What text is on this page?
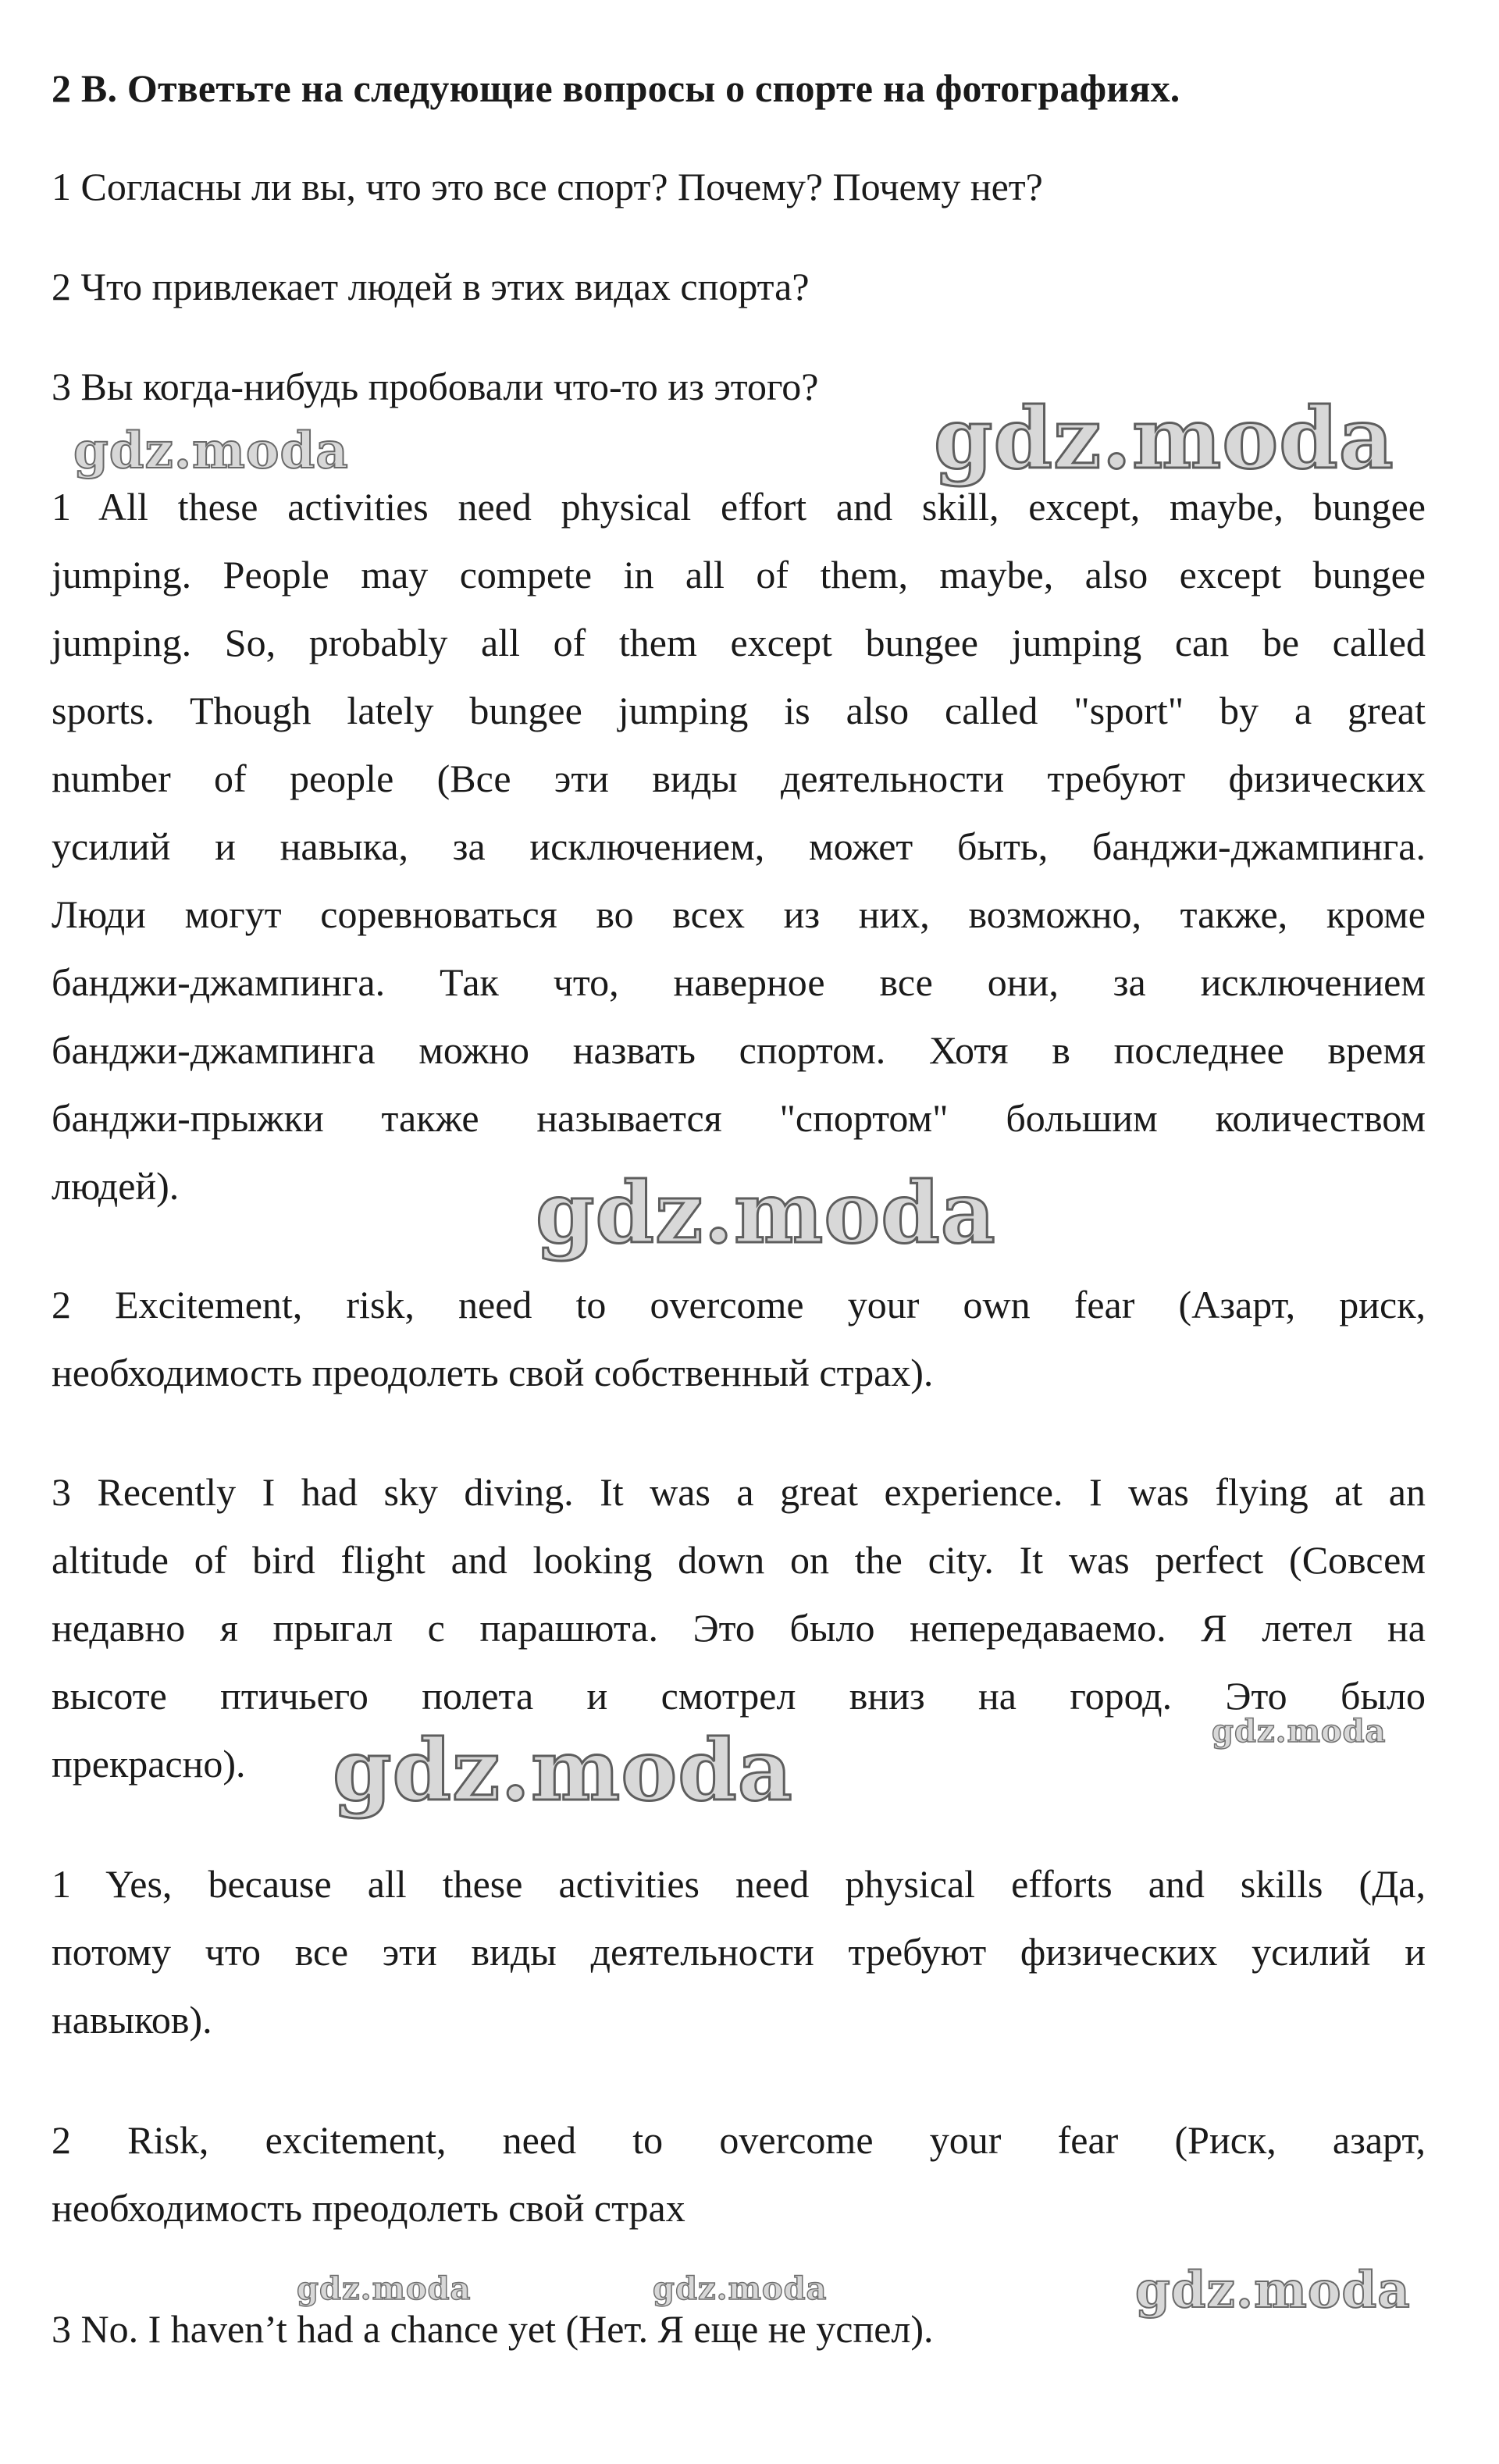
2 B. Ответьте на следующие вопросы о спорте на фотографиях.
1 Согласны ли вы, что это все спорт? Почему? Почему нет?
2 Что привлекает людей в этих видах спорта?
3 Вы когда-нибудь пробовали что-то из этого?
1 All these activities need physical effort and skill, except, maybe, bungee
jumping. People may compete in all of them, maybe, also except bungee
jumping. So, probably all of them except bungee jumping can be called
sports. Though lately bungee jumping is also called "sport" by a great
number of people (Все эти виды деятельности требуют физических
усилий и навыка, за исключением, может быть, банджи-джампинга.
Люди могут соревноваться во всех из них, возможно, также, кроме
банджи-джампинга. Так что, наверное все они, за исключением
банджи-джампинга можно назвать спортом. Хотя в последнее время
банджи-прыжки также называется "спортом" большим количеством
людей).
2 Excitement, risk, need to overcome your own fear (Азарт, риск,
необходимость преодолеть свой собственный страх).
3 Recently I had sky diving. It was a great experience. I was flying at an
altitude of bird flight and looking down on the city. It was perfect (Совсем
недавно я прыгал с парашюта. Это было непередаваемо. Я летел на
высоте птичьего полета и смотрел вниз на город. Это было
прекрасно).
1 Yes, because all these activities need physical efforts and skills (Да,
потому что все эти виды деятельности требуют физических усилий и
навыков).
2 Risk, excitement, need to overcome your fear (Риск, азарт,
необходимость преодолеть свой страх
3 No. I haven’t had a chance yet (Нет. Я еще не успел).
gdz.moda	gdz.moda
gdz.moda
gdz.moda
gdz.moda
gdz.moda	gdz.moda	gdz.moda
